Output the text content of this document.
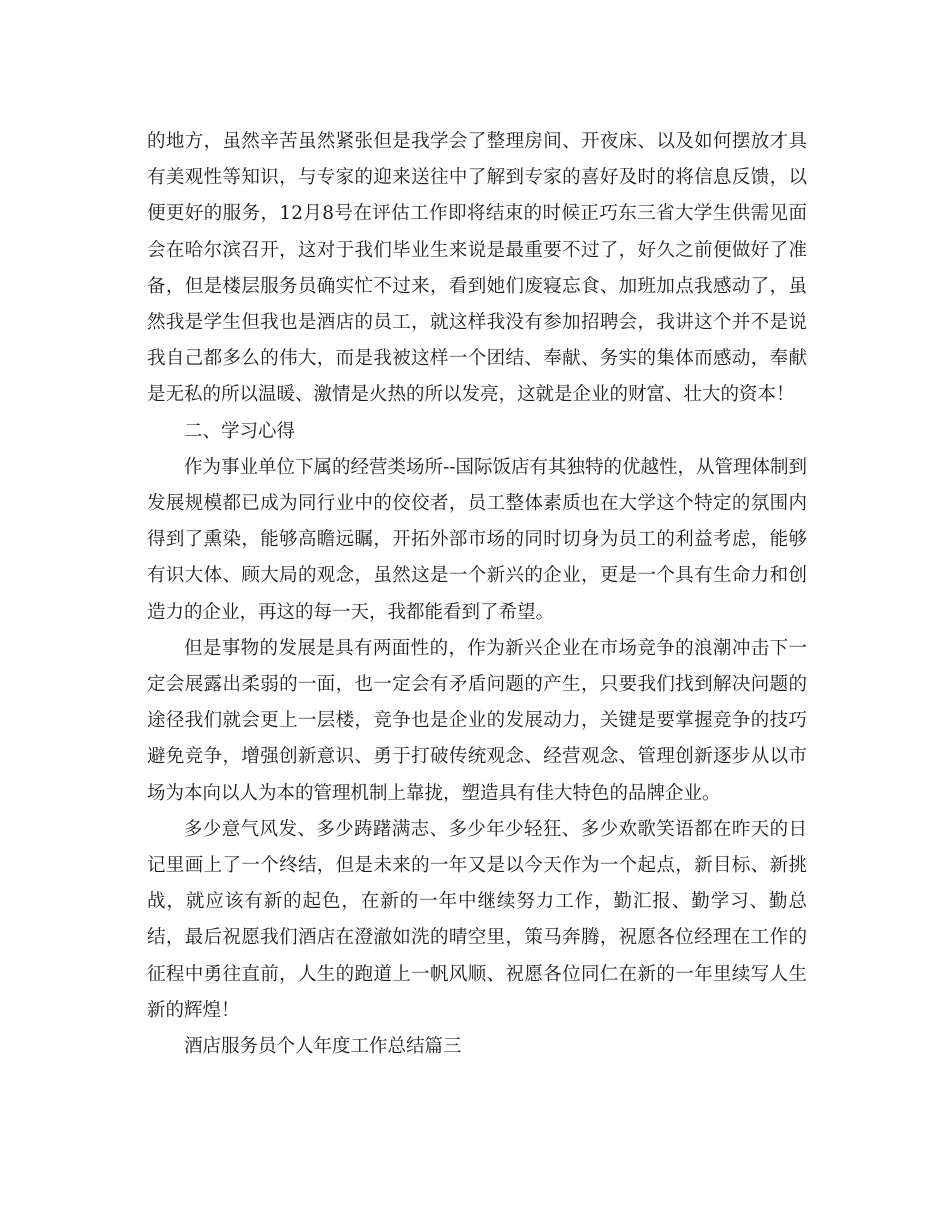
的地方，虽然辛苦虽然紧张但是我学会了整理房间、开夜床、以及如何摆放才具有美观性等知识，与专家的迎来送往中了解到专家的喜好及时的将信息反馈，以便更好的服务，12月8号在评估工作即将结束的时候正巧东三省大学生供需见面会在哈尔滨召开，这对于我们毕业生来说是最重要不过了，好久之前便做好了准备，但是楼层服务员确实忙不过来，看到她们废寝忘食、加班加点我感动了，虽然我是学生但我也是酒店的员工，就这样我没有参加招聘会，我讲这个并不是说我自己都多么的伟大，而是我被这样一个团结、奉献、务实的集体而感动，奉献是无私的所以温暖、激情是火热的所以发亮，这就是企业的财富、壮大的资本！

二、学习心得

作为事业单位下属的经营类场所--国际饭店有其独特的优越性，从管理体制到发展规模都已成为同行业中的佼佼者，员工整体素质也在大学这个特定的氛围内得到了熏染，能够高瞻远瞩，开拓外部市场的同时切身为员工的利益考虑，能够有识大体、顾大局的观念，虽然这是一个新兴的企业，更是一个具有生命力和创造力的企业，再这的每一天，我都能看到了希望。

但是事物的发展是具有两面性的，作为新兴企业在市场竞争的浪潮冲击下一定会展露出柔弱的一面，也一定会有矛盾问题的产生，只要我们找到解决问题的途径我们就会更上一层楼，竞争也是企业的发展动力，关键是要掌握竞争的技巧避免竞争，增强创新意识、勇于打破传统观念、经营观念、管理创新逐步从以市场为本向以人为本的管理机制上靠拢，塑造具有佳大特色的品牌企业。

多少意气风发、多少踌躇满志、多少年少轻狂、多少欢歌笑语都在昨天的日记里画上了一个终结，但是未来的一年又是以今天作为一个起点，新目标、新挑战，就应该有新的起色，在新的一年中继续努力工作，勤汇报、勤学习、勤总结，最后祝愿我们酒店在澄澈如洗的晴空里，策马奔腾，祝愿各位经理在工作的征程中勇往直前，人生的跑道上一帆风顺、祝愿各位同仁在新的一年里续写人生新的辉煌！

酒店服务员个人年度工作总结篇三
